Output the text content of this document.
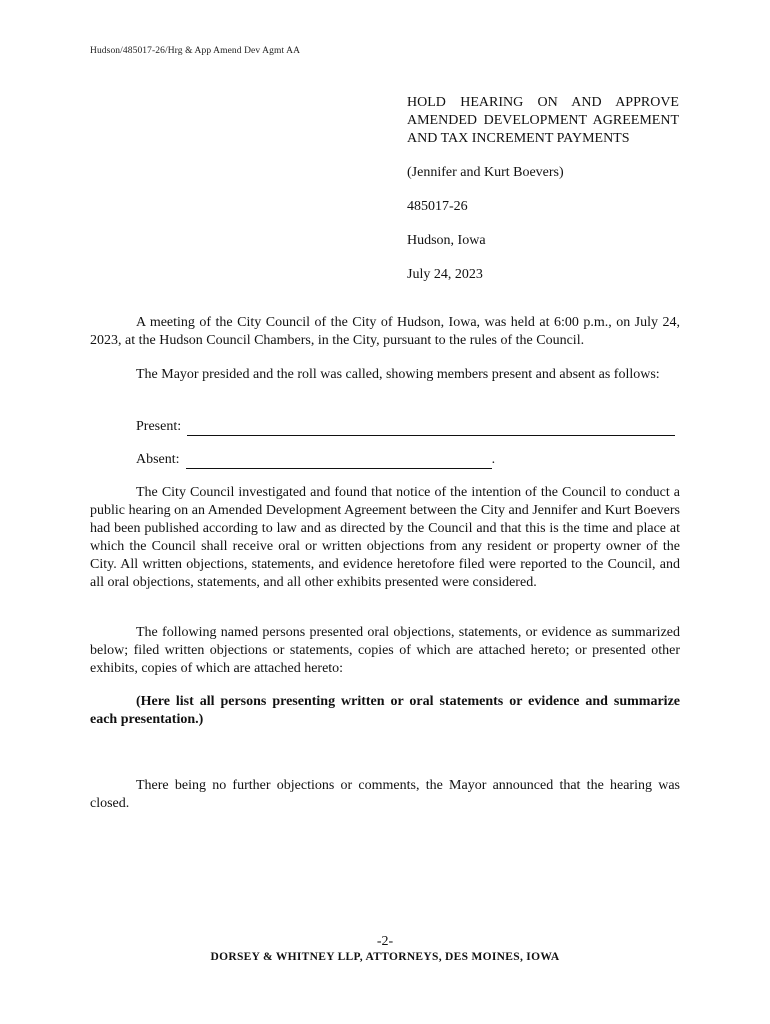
Hudson/485017-26/Hrg & App Amend Dev Agmt AA

HOLD HEARING ON AND APPROVE AMENDED DEVELOPMENT AGREEMENT AND TAX INCREMENT PAYMENTS

(Jennifer and Kurt Boevers)

485017-26

Hudson, Iowa

July 24, 2023

A meeting of the City Council of the City of Hudson, Iowa, was held at 6:00 p.m., on July 24, 2023, at the Hudson Council Chambers, in the City, pursuant to the rules of the Council.

The Mayor presided and the roll was called, showing members present and absent as follows:

Present:
Absent:	.

The City Council investigated and found that notice of the intention of the Council to conduct a public hearing on an Amended Development Agreement between the City and Jennifer and Kurt Boevers had been published according to law and as directed by the Council and that this is the time and place at which the Council shall receive oral or written objections from any resident or property owner of the City. All written objections, statements, and evidence heretofore filed were reported to the Council, and all oral objections, statements, and all other exhibits presented were considered.

The following named persons presented oral objections, statements, or evidence as summarized below; filed written objections or statements, copies of which are attached hereto; or presented other exhibits, copies of which are attached hereto:

(Here list all persons presenting written or oral statements or evidence and summarize each presentation.)

There being no further objections or comments, the Mayor announced that the hearing was closed.

-2-
DORSEY & WHITNEY LLP, ATTORNEYS, DES MOINES, IOWA
